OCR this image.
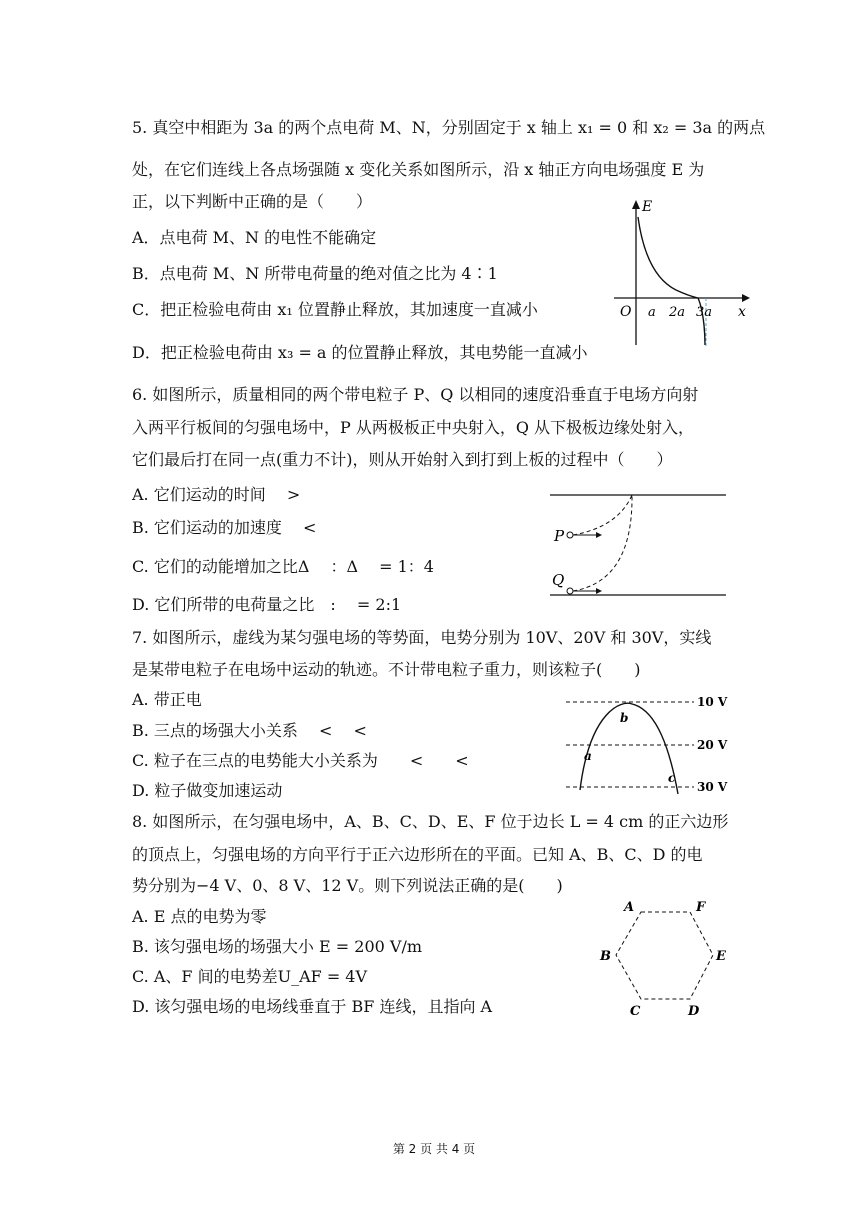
5. 真空中相距为 3a 的两个点电荷 M、N，分别固定于 x 轴上 x₁ = 0 和 x₂ = 3a 的两点
处，在它们连线上各点场强随 x 变化关系如图所示，沿 x 轴正方向电场强度 E 为
正，以下判断中正确的是（　　）
A．点电荷 M、N 的电性不能确定
B．点电荷 M、N 所带电荷量的绝对值之比为 4∶1
C．把正检验电荷由 x₁ 位置静止释放，其加速度一直减小
D．把正检验电荷由 x₃ = a 的位置静止释放，其电势能一直减小
E
x
O a 2a 3a
6. 如图所示，质量相同的两个带电粒子 P、Q 以相同的速度沿垂直于电场方向射
入两平行板间的匀强电场中，P 从两极板正中央射入，Q 从下极板边缘处射入，
它们最后打在同一点(重力不计)，则从开始射入到打到上板的过程中（　　）
A. 它们运动的时间　 >
B. 它们运动的加速度　 <
C. 它们的动能增加之比Δ　 ：Δ　 = 1：4
D. 它们所带的电荷量之比　:　 = 2:1
P
Q
7. 如图所示，虚线为某匀强电场的等势面，电势分别为 10V、20V 和 30V，实线
是某带电粒子在电场中运动的轨迹。不计带电粒子重力，则该粒子(　　)
A. 带正电
B. 三点的场强大小关系　 <　 <
C. 粒子在三点的电势能大小关系为　　<　　<
D. 粒子做变加速运动
10 V
20 V
30 V
a
b
c
8. 如图所示，在匀强电场中，A、B、C、D、E、F 位于边长 L = 4 cm 的正六边形
的顶点上，匀强电场的方向平行于正六边形所在的平面。已知 A、B、C、D 的电
势分别为−4 V、0、8 V、12 V。则下列说法正确的是(　　)
A. E 点的电势为零
B. 该匀强电场的场强大小 E = 200 V/m
C. A、F 间的电势差U_AF = 4V
D. 该匀强电场的电场线垂直于 BF 连线，且指向 A
A	F
B	E
C	D
第 2 页 共 4 页
